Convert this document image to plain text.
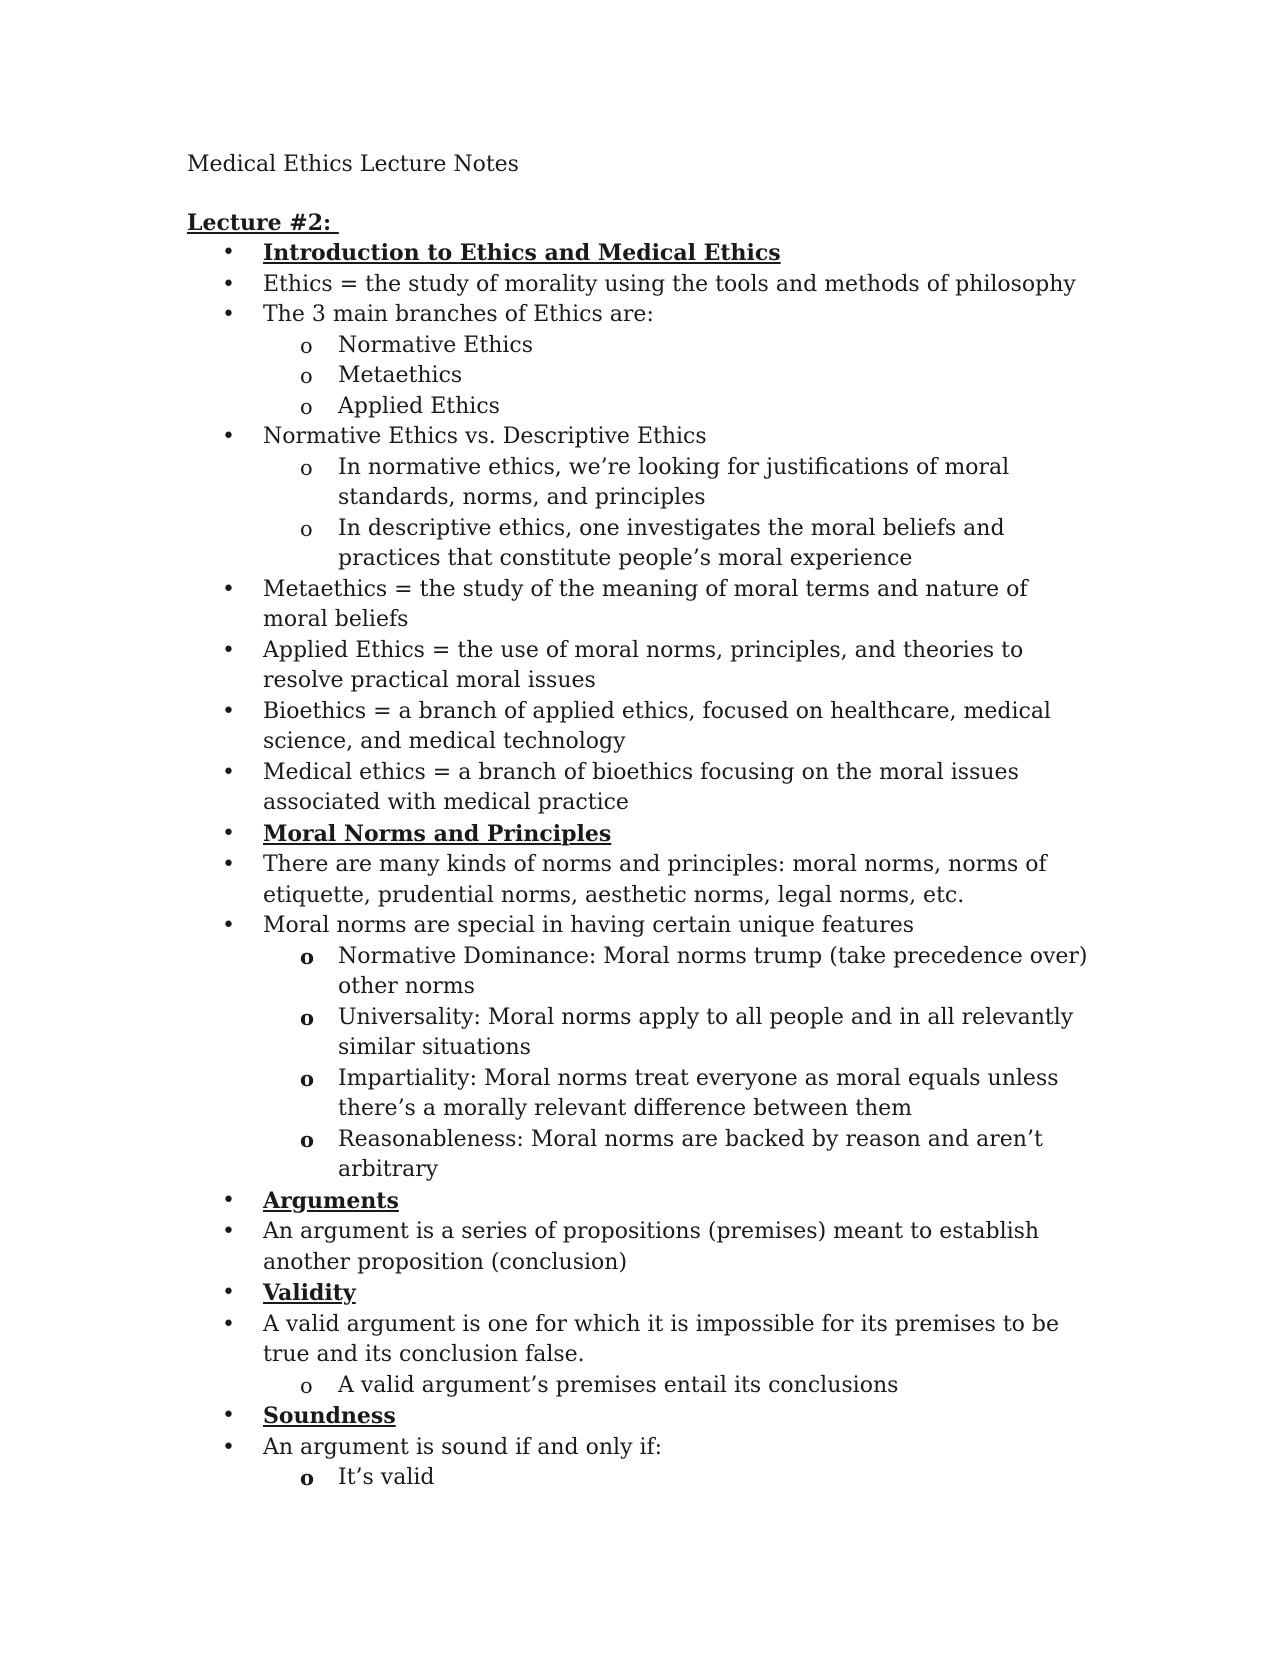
Medical Ethics Lecture Notes
Lecture #2:
• Introduction to Ethics and Medical Ethics
• Ethics = the study of morality using the tools and methods of philosophy
• The 3 main branches of Ethics are:
o Normative Ethics
o Metaethics
o Applied Ethics
• Normative Ethics vs. Descriptive Ethics
o In normative ethics, we’re looking for justifications of moral standards, norms, and principles
o In descriptive ethics, one investigates the moral beliefs and practices that constitute people’s moral experience
• Metaethics = the study of the meaning of moral terms and nature of moral beliefs
• Applied Ethics = the use of moral norms, principles, and theories to resolve practical moral issues
• Bioethics = a branch of applied ethics, focused on healthcare, medical science, and medical technology
• Medical ethics = a branch of bioethics focusing on the moral issues associated with medical practice
• Moral Norms and Principles
• There are many kinds of norms and principles: moral norms, norms of etiquette, prudential norms, aesthetic norms, legal norms, etc.
• Moral norms are special in having certain unique features
o Normative Dominance: Moral norms trump (take precedence over) other norms
o Universality: Moral norms apply to all people and in all relevantly similar situations
o Impartiality: Moral norms treat everyone as moral equals unless there’s a morally relevant difference between them
o Reasonableness: Moral norms are backed by reason and aren’t arbitrary
• Arguments
• An argument is a series of propositions (premises) meant to establish another proposition (conclusion)
• Validity
• A valid argument is one for which it is impossible for its premises to be true and its conclusion false.
o A valid argument’s premises entail its conclusions
• Soundness
• An argument is sound if and only if:
o It’s valid
